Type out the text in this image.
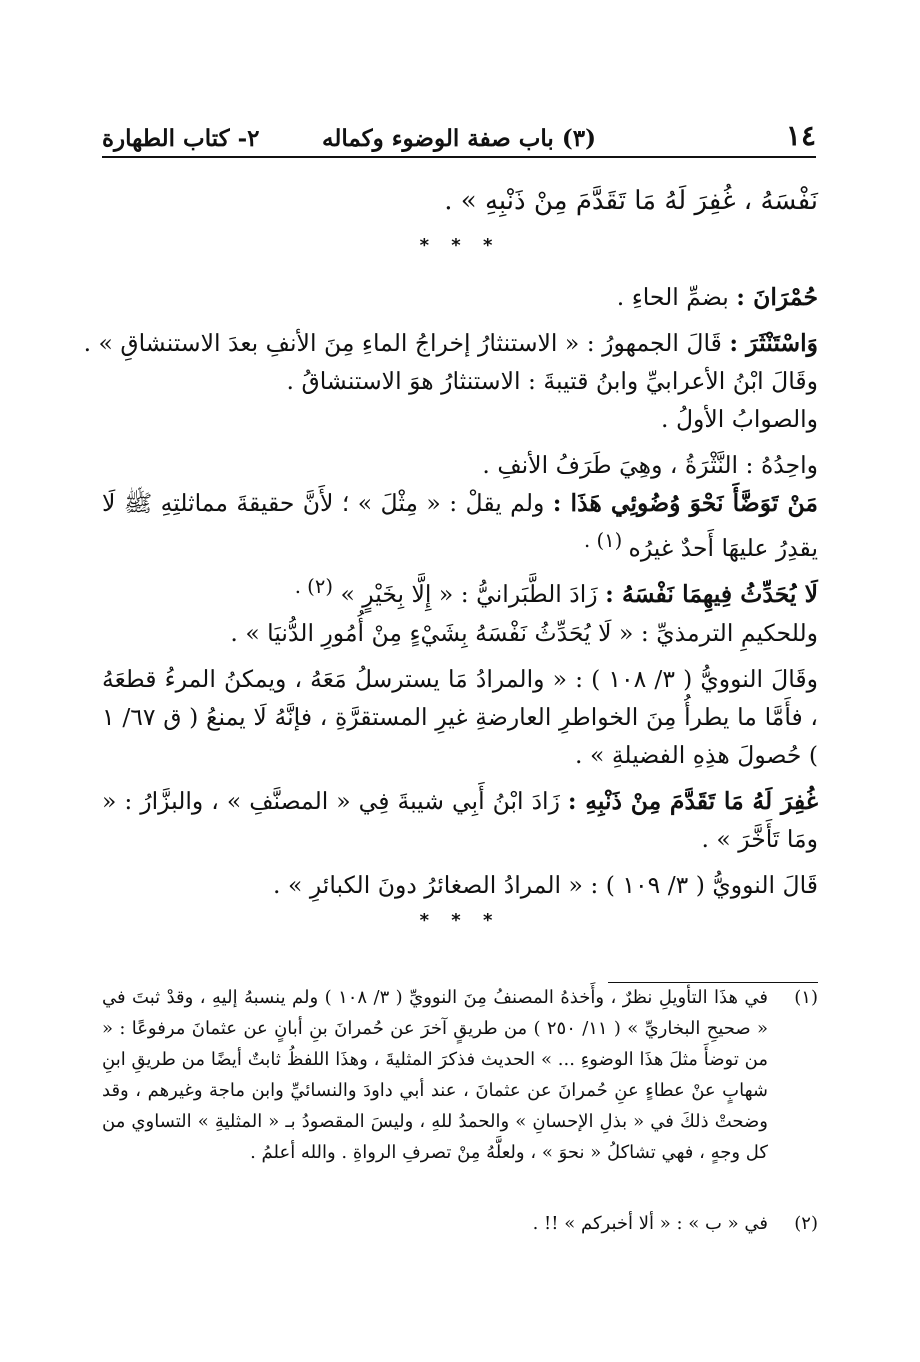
١٤
(٣) باب صفة الوضوء وكماله
٢- كتاب الطهارة
نَفْسَهُ ، غُفِرَ لَهُ مَا تَقَدَّمَ مِنْ ذَنْبِهِ » .
* * *
حُمْرَانَ : بضمِّ الحاءِ .
وَاسْتَنْثَرَ : قَالَ الجمهورُ : « الاستنثارُ إخراجُ الماءِ مِنَ الأنفِ بعدَ الاستنشاقِ » .
وقَالَ ابْنُ الأعرابيِّ وابنُ قتيبةَ : الاستنثارُ هوَ الاستنشاقُ .
والصوابُ الأولُ .
واحِدُهُ : النَّثْرَةُ ، وهِيَ طَرَفُ الأنفِ .
مَنْ تَوَضَّأَ نَحْوَ وُضُوئِي هَذَا : ولم يقلْ : « مِثْلَ » ؛ لأَنَّ حقيقةَ مماثلتِهِ ﷺ لَا يقدِرُ عليهَا أَحدٌ غيرُه $^{(١) .}$
لَا يُحَدِّثُ فِيهِمَا نَفْسَهُ : زَادَ الطَّبَرانيُّ : « إِلَّا بِخَيْرٍ » $^{(٢) .}$
وللحكيمِ الترمذيِّ : « لَا يُحَدِّثُ نَفْسَهُ بِشَيْءٍ مِنْ أُمُورِ الدُّنيَا » .
وقَالَ النوويُّ ( ٣/ ١٠٨ ) : « والمرادُ مَا يسترسلُ مَعَهُ ، ويمكنُ المرءُ قطعَهُ ، فأَمَّا ما يطرأُ مِنَ الخواطرِ العارضةِ غيرِ المستقرَّةِ ، فإنَّهُ لَا يمنعُ ( ق ٦٧/ ١ ) حُصولَ هذِهِ الفضيلةِ » .
غُفِرَ لَهُ مَا تَقَدَّمَ مِنْ ذَنْبِهِ : زَادَ ابْنُ أَبِي شيبةَ فِي « المصنَّفِ » ، والبزَّارُ : « ومَا تَأَخَّرَ » .
قَالَ النوويُّ ( ٣/ ١٠٩ ) : « المرادُ الصغائرُ دونَ الكبائرِ » .
* * *
(١)
في هذَا التأويلِ نظرٌ ، وأَخذهُ المصنفُ مِنَ النوويِّ ( ٣/ ١٠٨ ) ولم ينسبهُ إليهِ ، وقدْ ثبتَ في « صحيحِ البخاريِّ » ( ١١/ ٢٥٠ ) من طريقٍ آخرَ عن حُمرانَ بنِ أبانٍ عن عثمانَ مرفوعًا : « من توضأَ مثلَ هذَا الوضوءِ ... » الحديث فذكرَ المثليةَ ، وهذَا اللفظُ ثابتٌ أيضًا من طريقِ ابنِ شهابٍ عنْ عطاءٍ عنِ حُمرانَ عن عثمانَ ، عند أبي داودَ والنسائيِّ وابن ماجة وغيرهم ، وقد وضحتْ ذلكَ في « بذلِ الإحسانِ » والحمدُ للهِ ، وليسَ المقصودُ بـ « المثليةِ » التساوي من كل وجهٍ ، فهي تشاكلُ « نحوَ » ، ولعلَّهُ مِنْ تصرفِ الرواةِ . والله أعلمُ .
(٢)
في « ب » : « ألا أخبركم » !! .
